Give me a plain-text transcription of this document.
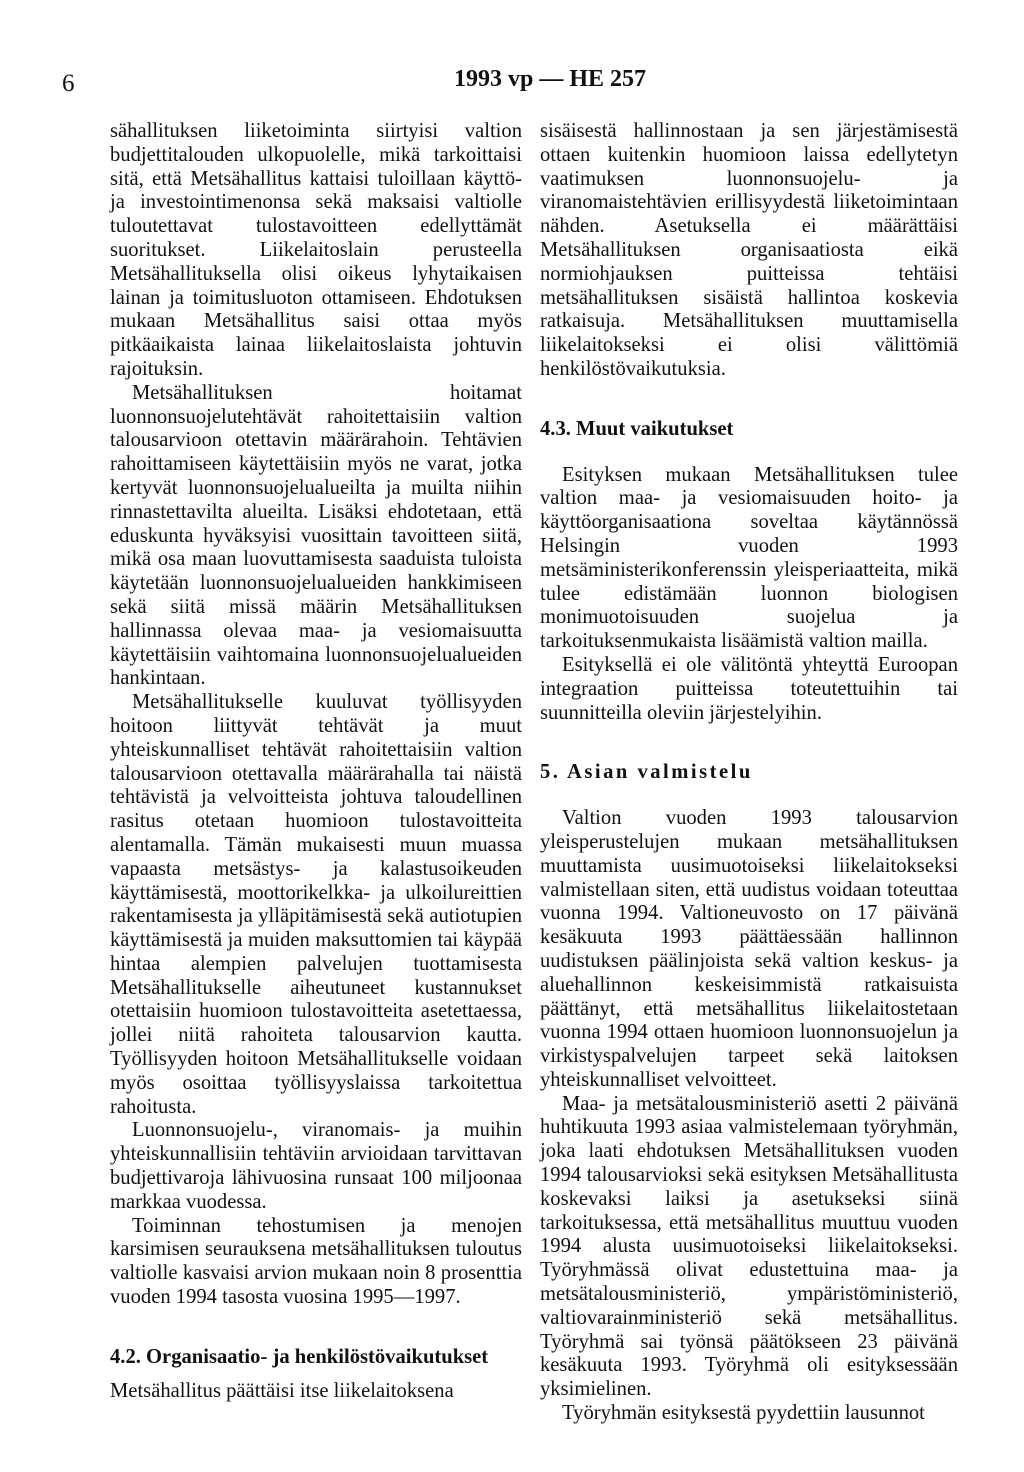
6	1993 vp — HE 257

sähallituksen liiketoiminta siirtyisi valtion budjettitalouden ulkopuolelle, mikä tarkoittaisi sitä, että Metsähallitus kattaisi tuloillaan käyttö- ja investointimenonsa sekä maksaisi valtiolle tuloutettavat tulostavoitteen edellyttämät suoritukset. Liikelaitoslain perusteella Metsähallituksella olisi oikeus lyhytaikaisen lainan ja toimitusluoton ottamiseen. Ehdotuksen mukaan Metsähallitus saisi ottaa myös pitkäaikaista lainaa liikelaitoslaista johtuvin rajoituksin.

Metsähallituksen hoitamat luonnonsuojelutehtävät rahoitettaisiin valtion talousarvioon otettavin määrärahoin. Tehtävien rahoittamiseen käytettäisiin myös ne varat, jotka kertyvät luonnonsuojelualueilta ja muilta niihin rinnastettavilta alueilta. Lisäksi ehdotetaan, että eduskunta hyväksyisi vuosittain tavoitteen siitä, mikä osa maan luovuttamisesta saaduista tuloista käytetään luonnonsuojelualueiden hankkimiseen sekä siitä missä määrin Metsähallituksen hallinnassa olevaa maa- ja vesiomaisuutta käytettäisiin vaihtomaina luonnonsuojelualueiden hankintaan.

Metsähallitukselle kuuluvat työllisyyden hoitoon liittyvät tehtävät ja muut yhteiskunnalliset tehtävät rahoitettaisiin valtion talousarvioon otettavalla määrärahalla tai näistä tehtävistä ja velvoitteista johtuva taloudellinen rasitus otetaan huomioon tulostavoitteita alentamalla. Tämän mukaisesti muun muassa vapaasta metsästys- ja kalastusoikeuden käyttämisestä, moottorikelkka- ja ulkoilureittien rakentamisesta ja ylläpitämisestä sekä autiotupien käyttämisestä ja muiden maksuttomien tai käypää hintaa alempien palvelujen tuottamisesta Metsähallitukselle aiheutuneet kustannukset otettaisiin huomioon tulostavoitteita asetettaessa, jollei niitä rahoiteta talousarvion kautta. Työllisyyden hoitoon Metsähallitukselle voidaan myös osoittaa työllisyyslaissa tarkoitettua rahoitusta.

Luonnonsuojelu-, viranomais- ja muihin yhteiskunnallisiin tehtäviin arvioidaan tarvittavan budjettivaroja lähivuosina runsaat 100 miljoonaa markkaa vuodessa.

Toiminnan tehostumisen ja menojen karsimisen seurauksena metsähallituksen tuloutus valtiolle kasvaisi arvion mukaan noin 8 prosenttia vuoden 1994 tasosta vuosina 1995—1997.

4.2. Organisaatio- ja henkilöstövaikutukset

Metsähallitus päättäisi itse liikelaitoksena

sisäisestä hallinnostaan ja sen järjestämisestä ottaen kuitenkin huomioon laissa edellytetyn vaatimuksen luonnonsuojelu- ja viranomaistehtävien erillisyydestä liiketoimintaan nähden. Asetuksella ei määrättäisi Metsähallituksen organisaatiosta eikä normiohjauksen puitteissa tehtäisi metsähallituksen sisäistä hallintoa koskevia ratkaisuja. Metsähallituksen muuttamisella liikelaitokseksi ei olisi välittömiä henkilöstövaikutuksia.

4.3. Muut vaikutukset

Esityksen mukaan Metsähallituksen tulee valtion maa- ja vesiomaisuuden hoito- ja käyttöorganisaationa soveltaa käytännössä Helsingin vuoden 1993 metsäministerikonferenssin yleisperiaatteita, mikä tulee edistämään luonnon biologisen monimuotoisuuden suojelua ja tarkoituksenmukaista lisäämistä valtion mailla.

Esityksellä ei ole välitöntä yhteyttä Euroopan integraation puitteissa toteutettuihin tai suunnitteilla oleviin järjestelyihin.

5. Asian valmistelu

Valtion vuoden 1993 talousarvion yleisperustelujen mukaan metsähallituksen muuttamista uusimuotoiseksi liikelaitokseksi valmistellaan siten, että uudistus voidaan toteuttaa vuonna 1994. Valtioneuvosto on 17 päivänä kesäkuuta 1993 päättäessään hallinnon uudistuksen päälinjoista sekä valtion keskus- ja aluehallinnon keskeisimmistä ratkaisuista päättänyt, että metsähallitus liikelaitostetaan vuonna 1994 ottaen huomioon luonnonsuojelun ja virkistyspalvelujen tarpeet sekä laitoksen yhteiskunnalliset velvoitteet.

Maa- ja metsätalousministeriö asetti 2 päivänä huhtikuuta 1993 asiaa valmistelemaan työryhmän, joka laati ehdotuksen Metsähallituksen vuoden 1994 talousarvioksi sekä esityksen Metsähallitusta koskevaksi laiksi ja asetukseksi siinä tarkoituksessa, että metsähallitus muuttuu vuoden 1994 alusta uusimuotoiseksi liikelaitokseksi. Työryhmässä olivat edustettuina maa- ja metsätalousministeriö, ympäristöministeriö, valtiovarainministeriö sekä metsähallitus. Työryhmä sai työnsä päätökseen 23 päivänä kesäkuuta 1993. Työryhmä oli esityksessään yksimielinen.

Työryhmän esityksestä pyydettiin lausunnot
